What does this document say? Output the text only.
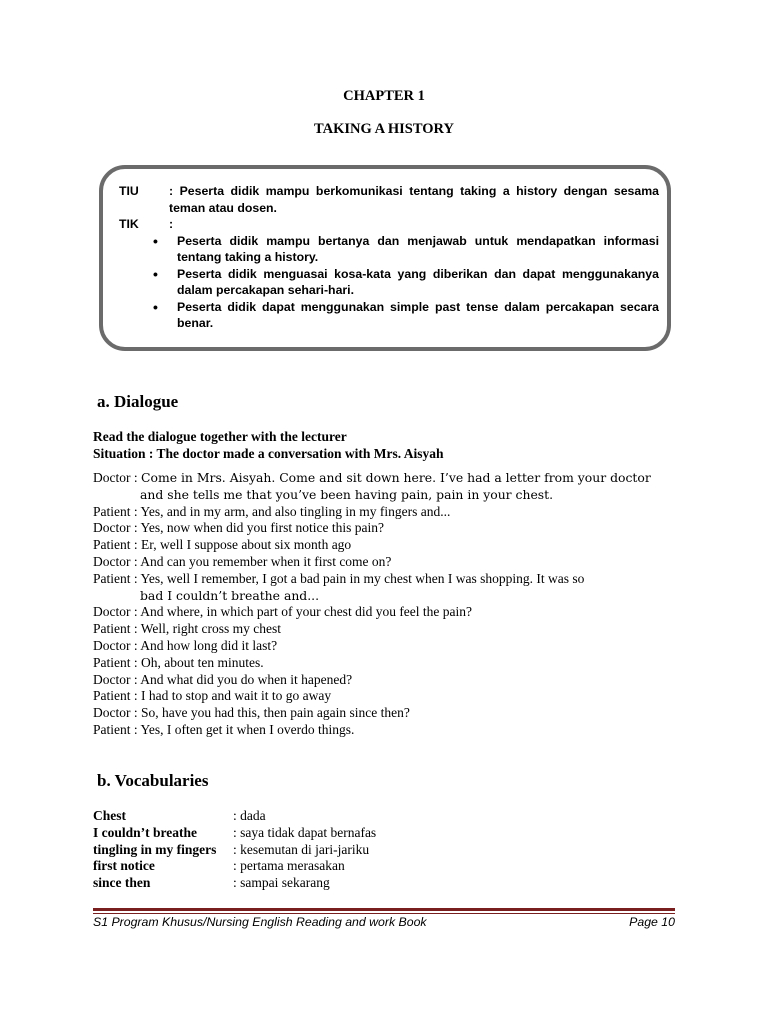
CHAPTER 1
TAKING A HISTORY
TIU	: Peserta didik mampu berkomunikasi tentang taking a history dengan sesama teman atau dosen.
TIK	:
• Peserta didik mampu bertanya dan menjawab untuk mendapatkan informasi tentang taking a history.
• Peserta didik menguasai kosa-kata yang diberikan dan dapat menggunakanya dalam percakapan sehari-hari.
• Peserta didik dapat menggunakan simple past tense dalam percakapan secara benar.
a. Dialogue
Read the dialogue together with the lecturer
Situation : The doctor made a conversation with Mrs. Aisyah
Doctor : Come in Mrs. Aisyah. Come and sit down here. I’ve had a letter from your doctor
and she tells me that you’ve been having pain, pain in your chest.
Patient : Yes, and in my arm, and also tingling in my fingers and...
Doctor : Yes, now when did you first notice this pain?
Patient : Er, well I suppose about six month ago
Doctor : And can you remember when it first come on?
Patient : Yes, well I remember, I got a bad pain in my chest when I was shopping. It was so
bad I couldn’t breathe and...
Doctor : And where, in which part of your chest did you feel the pain?
Patient : Well, right cross my chest
Doctor : And how long did it last?
Patient : Oh, about ten minutes.
Doctor : And what did you do when it hapened?
Patient : I had to stop and wait it to go away
Doctor : So, have you had this, then pain again since then?
Patient : Yes, I often get it when I overdo things.
b. Vocabularies
Chest	: dada
I couldn’t breathe	: saya tidak dapat bernafas
tingling in my fingers	: kesemutan di jari-jariku
first notice	: pertama merasakan
since then	: sampai sekarang
S1 Program Khusus/Nursing English Reading and work Book	Page 10
